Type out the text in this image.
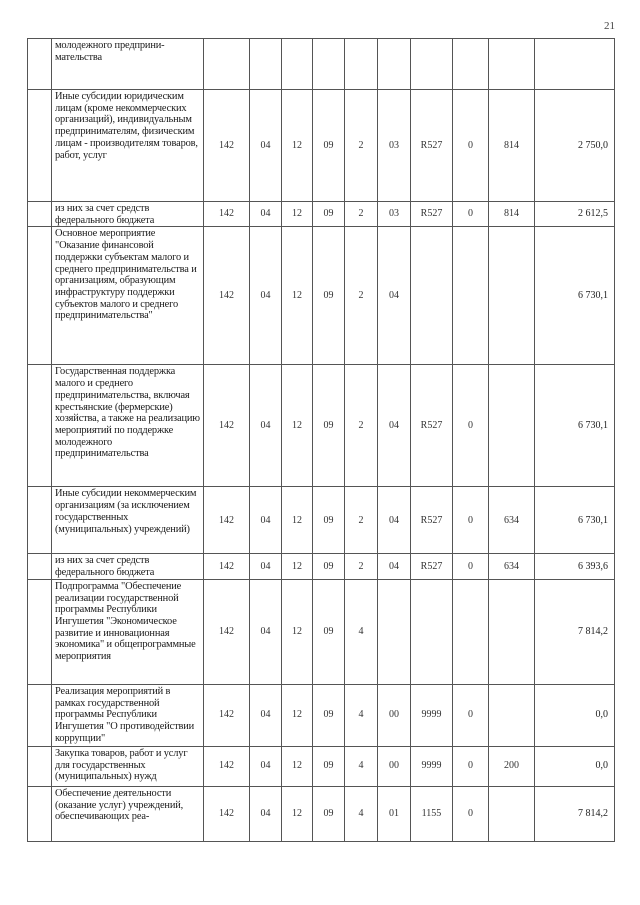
21
	молодежного предприни- мательства										
	Иные субсидии юридическим лицам (кроме некоммерческих организаций), индивидуальным предпринимателям, физическим лицам - производителям товаров, работ, услуг	142	04	12	09	2	03	R527	0	814	2 750,0
	из них за счет средств федерального бюджета	142	04	12	09	2	03	R527	0	814	2 612,5
	Основное мероприятие "Оказание финансовой поддержки субъектам малого и среднего предпринимательства и организациям, образующим инфраструктуру поддержки субъектов малого и среднего предпринимательства"	142	04	12	09	2	04				6 730,1
	Государственная поддержка малого и среднего предпринимательства, включая крестьянские (фермерские) хозяйства, а также на реализацию мероприятий по поддержке молодежного предпринимательства	142	04	12	09	2	04	R527	0		6 730,1
	Иные субсидии некоммерческим организациям (за исключением государственных (муниципальных) учреждений)	142	04	12	09	2	04	R527	0	634	6 730,1
	из них за счет средств федерального бюджета	142	04	12	09	2	04	R527	0	634	6 393,6
	Подпрограмма "Обеспечение реализации государственной программы Республики Ингушетия "Экономическое развитие и инновационная экономика" и общепрограммные мероприятия	142	04	12	09	4					7 814,2
	Реализация мероприятий в рамках государственной программы Республики Ингушетия "О противодействии коррупции"	142	04	12	09	4	00	9999	0		0,0
	Закупка товаров, работ и услуг для государственных (муниципальных) нужд	142	04	12	09	4	00	9999	0	200	0,0
	Обеспечение деятельности (оказание услуг) учреждений, обеспечивающих реа-	142	04	12	09	4	01	1155	0		7 814,2
